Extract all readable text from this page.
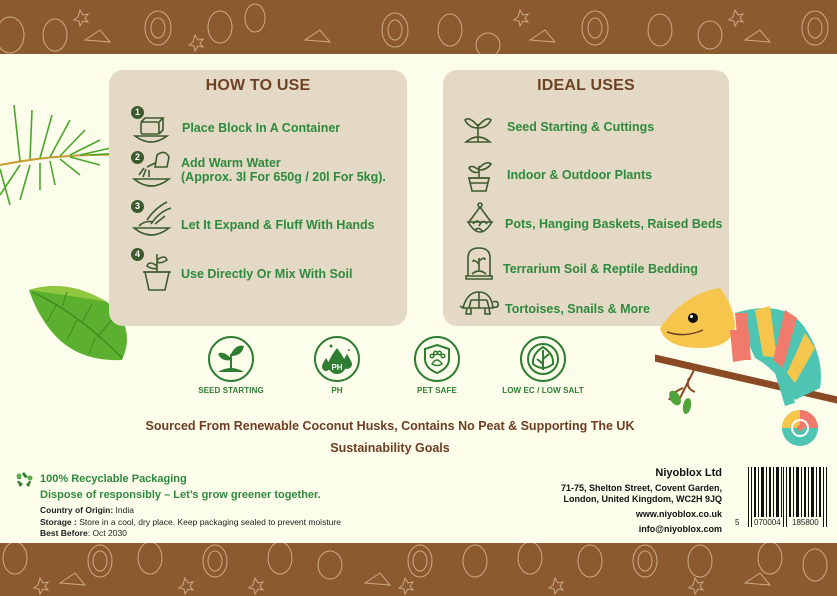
HOW TO USE
1
Place Block In A Container
2	Add Warm Water
(Approx. 3l For 650g / 20l For 5kg).
3
Let It Expand & Fluff With Hands
4
Use Directly Or Mix With Soil
IDEAL USES
Seed Starting & Cuttings
Indoor & Outdoor Plants
Pots, Hanging Baskets, Raised Beds
Terrarium Soil & Reptile Bedding
Tortoises, Snails & More
SEED STARTING
PH
PH	PET SAFE	LOW EC / LOW SALT
Sourced From Renewable Coconut Husks, Contains No Peat & Supporting The UK
Sustainability Goals
100% Recyclable Packaging
Dispose of responsibly – Let’s grow greener together.
Country of Origin: India
Storage : Store in a cool, dry place. Keep packaging sealed to prevent moisture
Best Before: Oct 2030
Niyoblox Ltd
71-75, Shelton Street, Covent Garden,
London, United Kingdom, WC2H 9JQ
www.niyoblox.co.uk
info@niyoblox.com
5 070004 185800
